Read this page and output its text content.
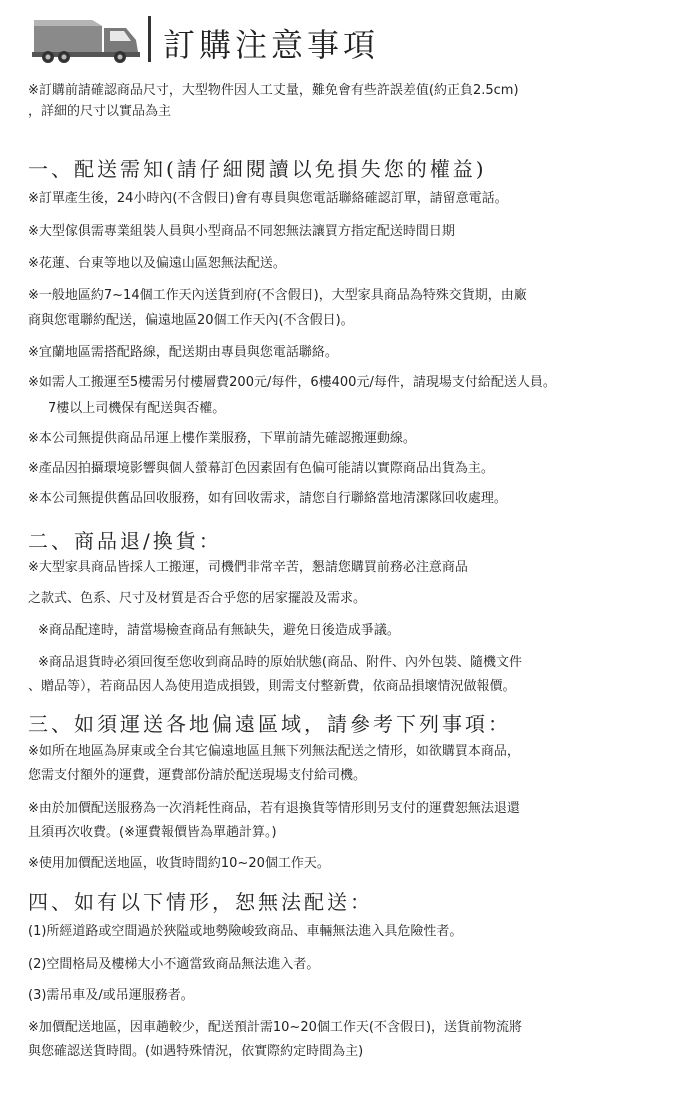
訂購注意事項
※訂購前請確認商品尺寸，大型物件因人工丈量，難免會有些許誤差值(約正負2.5cm)
，詳細的尺寸以實品為主
一、配送需知(請仔細閱讀以免損失您的權益)
※訂單產生後，24小時內(不含假日)會有專員與您電話聯絡確認訂單，請留意電話。
※大型傢俱需專業組裝人員與小型商品不同恕無法讓買方指定配送時間日期
※花蓮、台東等地以及偏遠山區恕無法配送。
※一般地區約7~14個工作天內送貨到府(不含假日)，大型家具商品為特殊交貨期，由廠
商與您電聯約配送，偏遠地區20個工作天內(不含假日)。
※宜蘭地區需搭配路線，配送期由專員與您電話聯絡。
※如需人工搬運至5樓需另付樓層費200元/每件，6樓400元/每件，請現場支付給配送人員。
7樓以上司機保有配送與否權。
※本公司無提供商品吊運上樓作業服務，下單前請先確認搬運動線。
※產品因拍攝環境影響與個人螢幕訂色因素固有色偏可能請以實際商品出貨為主。
※本公司無提供舊品回收服務，如有回收需求，請您自行聯絡當地清潔隊回收處理。
二、商品退/換貨：
※大型家具商品皆採人工搬運，司機們非常辛苦，懇請您購買前務必注意商品
之款式、色系、尺寸及材質是否合乎您的居家擺設及需求。
※商品配達時，請當場檢查商品有無缺失，避免日後造成爭議。
※商品退貨時必須回復至您收到商品時的原始狀態(商品、附件、內外包裝、隨機文件
、贈品等），若商品因人為使用造成損毀，則需支付整新費，依商品損壞情況做報價。
三、如須運送各地偏遠區域，請參考下列事項：
※如所在地區為屏東或全台其它偏遠地區且無下列無法配送之情形，如欲購買本商品，
您需支付額外的運費，運費部份請於配送現場支付給司機。
※由於加價配送服務為一次消耗性商品，若有退換貨等情形則另支付的運費恕無法退還
且須再次收費。(※運費報價皆為單趟計算。)
※使用加價配送地區，收貨時間約10~20個工作天。
四、如有以下情形，恕無法配送：
(1)所經道路或空間過於狹隘或地勢險峻致商品、車輛無法進入具危險性者。
(2)空間格局及樓梯大小不適當致商品無法進入者。
(3)需吊車及/或吊運服務者。
※加價配送地區，因車趟較少，配送預計需10~20個工作天(不含假日)，送貨前物流將
與您確認送貨時間。(如遇特殊情況，依實際約定時間為主)
